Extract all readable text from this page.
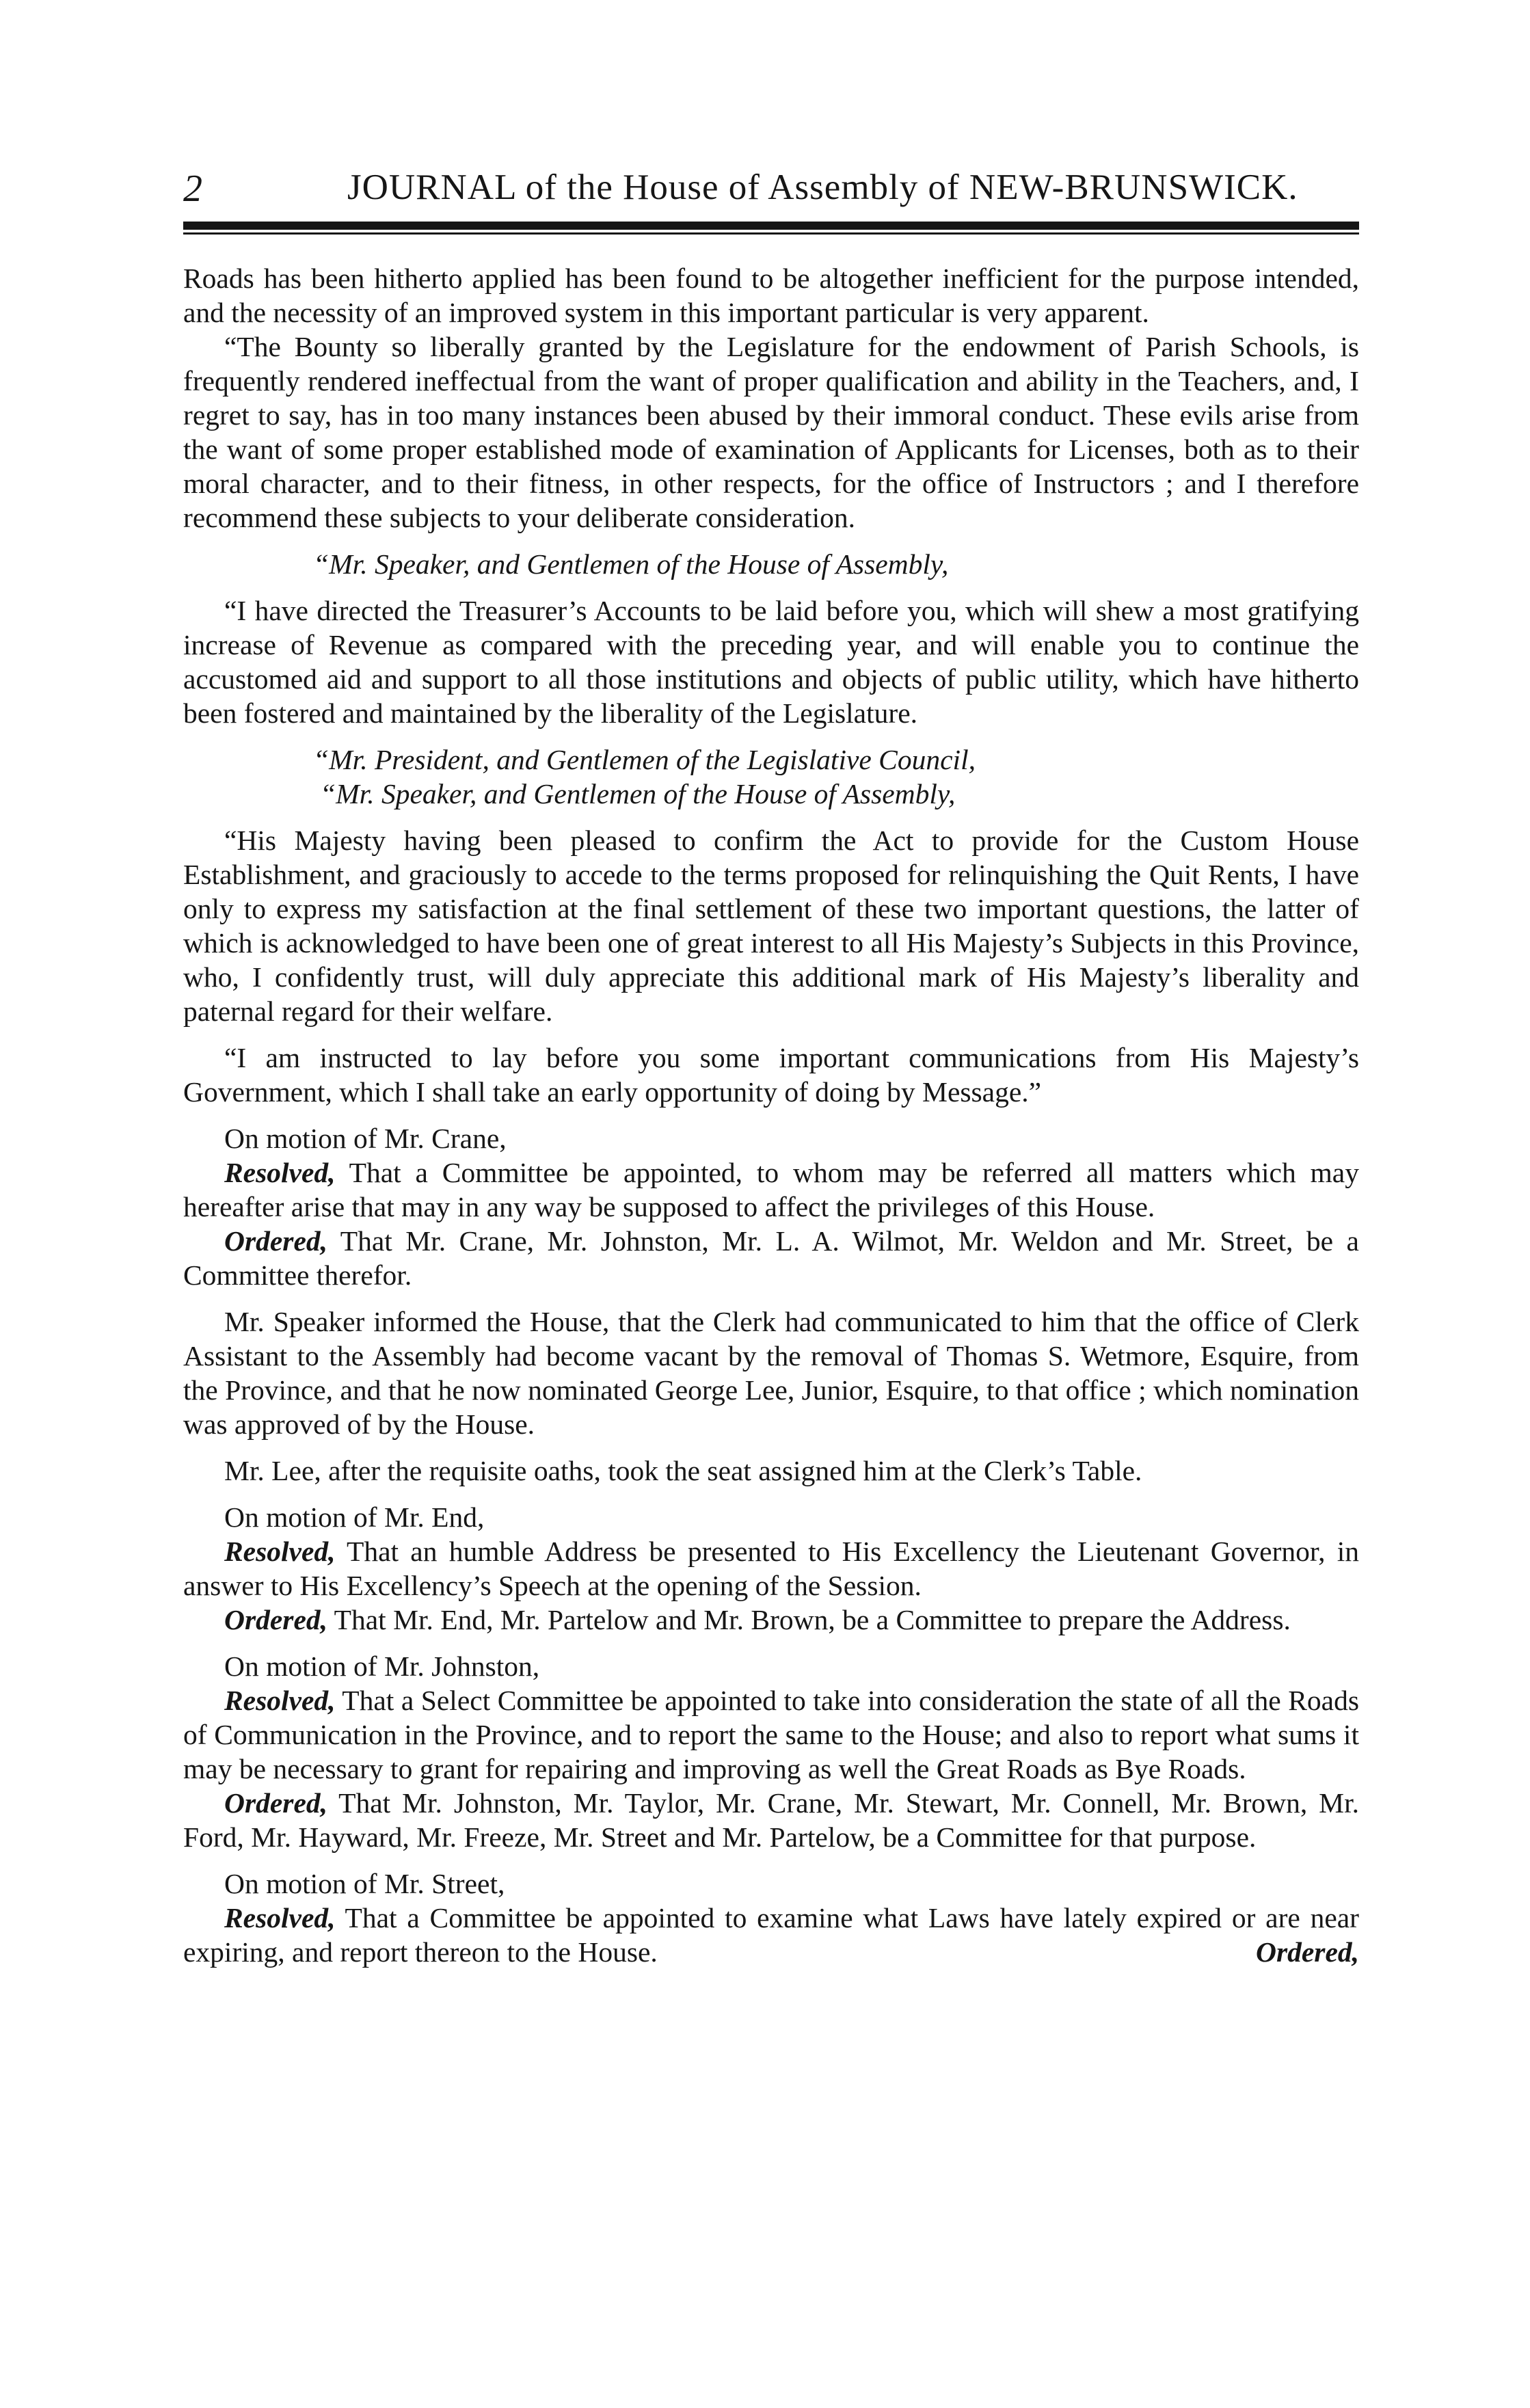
2	JOURNAL of the House of Assembly of NEW-BRUNSWICK.

Roads has been hitherto applied has been found to be altogether inefficient for the purpose intended, and the necessity of an improved system in this important particular is very apparent.

“The Bounty so liberally granted by the Legislature for the endowment of Parish Schools, is frequently rendered ineffectual from the want of proper qualification and ability in the Teachers, and, I regret to say, has in too many instances been abused by their immoral conduct. These evils arise from the want of some proper established mode of examination of Applicants for Licenses, both as to their moral character, and to their fitness, in other respects, for the office of Instructors ; and I therefore recommend these subjects to your deliberate consideration.

“Mr. Speaker, and Gentlemen of the House of Assembly,

“I have directed the Treasurer’s Accounts to be laid before you, which will shew a most gratifying increase of Revenue as compared with the preceding year, and will enable you to continue the accustomed aid and support to all those institutions and objects of public utility, which have hitherto been fostered and maintained by the liberality of the Legislature.

“Mr. President, and Gentlemen of the Legislative Council,

“Mr. Speaker, and Gentlemen of the House of Assembly,

“His Majesty having been pleased to confirm the Act to provide for the Custom House Establishment, and graciously to accede to the terms proposed for relinquishing the Quit Rents, I have only to express my satisfaction at the final settlement of these two important questions, the latter of which is acknowledged to have been one of great interest to all His Majesty’s Subjects in this Province, who, I confidently trust, will duly appreciate this additional mark of His Majesty’s liberality and paternal regard for their welfare.

“I am instructed to lay before you some important communications from His Majesty’s Government, which I shall take an early opportunity of doing by Message.”

On motion of Mr. Crane,

Resolved, That a Committee be appointed, to whom may be referred all matters which may hereafter arise that may in any way be supposed to affect the privileges of this House.

Ordered, That Mr. Crane, Mr. Johnston, Mr. L. A. Wilmot, Mr. Weldon and Mr. Street, be a Committee therefor.

Mr. Speaker informed the House, that the Clerk had communicated to him that the office of Clerk Assistant to the Assembly had become vacant by the removal of Thomas S. Wetmore, Esquire, from the Province, and that he now nominated George Lee, Junior, Esquire, to that office ; which nomination was approved of by the House.

Mr. Lee, after the requisite oaths, took the seat assigned him at the Clerk’s Table.

On motion of Mr. End,

Resolved, That an humble Address be presented to His Excellency the Lieutenant Governor, in answer to His Excellency’s Speech at the opening of the Session.

Ordered, That Mr. End, Mr. Partelow and Mr. Brown, be a Committee to prepare the Address.

On motion of Mr. Johnston,

Resolved, That a Select Committee be appointed to take into consideration the state of all the Roads of Communication in the Province, and to report the same to the House; and also to report what sums it may be necessary to grant for repairing and improving as well the Great Roads as Bye Roads.

Ordered, That Mr. Johnston, Mr. Taylor, Mr. Crane, Mr. Stewart, Mr. Connell, Mr. Brown, Mr. Ford, Mr. Hayward, Mr. Freeze, Mr. Street and Mr. Partelow, be a Committee for that purpose.

On motion of Mr. Street,

Resolved, That a Committee be appointed to examine what Laws have lately expired or are near expiring, and report thereon to the House.	Ordered,
